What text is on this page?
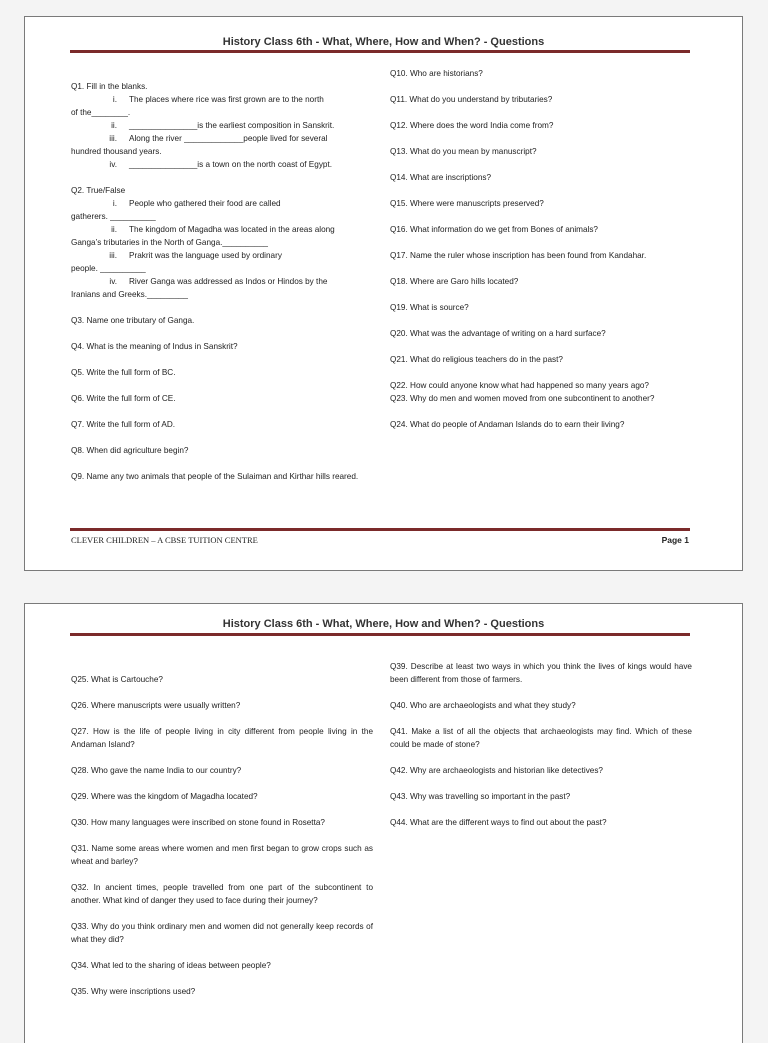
History Class 6th - What, Where, How and When? - Questions
Q1. Fill in the blanks.
i. The places where rice was first grown are to the north
of the________.
ii. _______________is the earliest composition in Sanskrit.
iii. Along the river _____________people lived for several
hundred thousand years.
iv. _______________is a town on the north coast of Egypt.
Q2. True/False
i. People who gathered their food are called
gatherers. __________
ii. The kingdom of Magadha was located in the areas along
Ganga’s tributaries in the North of Ganga.__________
iii. Prakrit was the language used by ordinary
people. __________
iv. River Ganga was addressed as Indos or Hindos by the
Iranians and Greeks._________
Q3. Name one tributary of Ganga.
Q4. What is the meaning of Indus in Sanskrit?
Q5. Write the full form of BC.
Q6. Write the full form of CE.
Q7. Write the full form of AD.
Q8. When did agriculture begin?
Q9. Name any two animals that people of the Sulaiman and Kirthar hills reared.
Q10. Who are historians?
Q11. What do you understand by tributaries?
Q12. Where does the word India come from?
Q13. What do you mean by manuscript?
Q14. What are inscriptions?
Q15. Where were manuscripts preserved?
Q16. What information do we get from Bones of animals?
Q17. Name the ruler whose inscription has been found from Kandahar.
Q18. Where are Garo hills located?
Q19. What is source?
Q20. What was the advantage of writing on a hard surface?
Q21. What do religious teachers do in the past?
Q22. How could anyone know what had happened so many years ago?
Q23. Why do men and women moved from one subcontinent to another?
Q24. What do people of Andaman Islands do to earn their living?
CLEVER CHILDREN – A CBSE TUITION CENTRE	Page 1
History Class 6th - What, Where, How and When? - Questions
Q25. What is Cartouche?
Q26. Where manuscripts were usually written?
Q27. How is the life of people living in city different from people living in the Andaman Island?
Q28. Who gave the name India to our country?
Q29. Where was the kingdom of Magadha located?
Q30. How many languages were inscribed on stone found in Rosetta?
Q31. Name some areas where women and men first began to grow crops such as wheat and barley?
Q32. In ancient times, people travelled from one part of the subcontinent to another. What kind of danger they used to face during their journey?
Q33. Why do you think ordinary men and women did not generally keep records of what they did?
Q34. What led to the sharing of ideas between people?
Q35. Why were inscriptions used?
Q39. Describe at least two ways in which you think the lives of kings would have been different from those of farmers.
Q40. Who are archaeologists and what they study?
Q41. Make a list of all the objects that archaeologists may find. Which of these could be made of stone?
Q42. Why are archaeologists and historian like detectives?
Q43. Why was travelling so important in the past?
Q44. What are the different ways to find out about the past?
